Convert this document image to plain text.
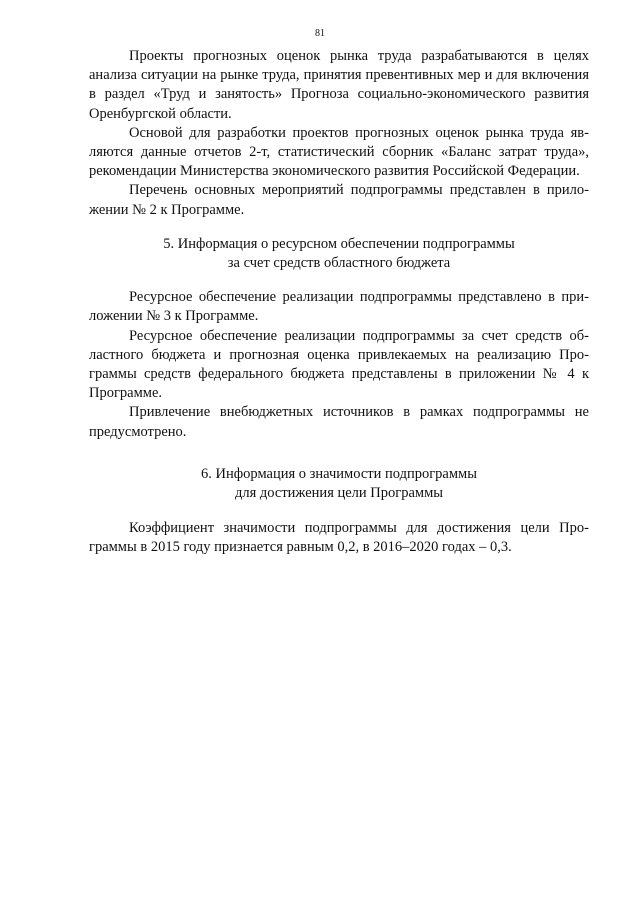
81

Проекты прогнозных оценок рынка труда разрабатываются в целях анализа ситуации на рынке труда, принятия превентивных мер и для включения в раздел «Труд и занятость» Прогноза социально-экономического развития Оренбургской области.

Основой для разработки проектов прогнозных оценок рынка труда являются данные отчетов 2-т, статистический сборник «Баланс затрат труда», рекомендации Министерства экономического развития Российской Федерации.

Перечень основных мероприятий подпрограммы представлен в приложении № 2 к Программе.

5. Информация о ресурсном обеспечении подпрограммы
за счет средств областного бюджета

Ресурсное обеспечение реализации подпрограммы представлено в приложении № 3 к Программе.

Ресурсное обеспечение реализации подпрограммы за счет средств областного бюджета и прогнозная оценка привлекаемых на реализацию Программы средств федерального бюджета представлены в приложении № 4 к Программе.

Привлечение внебюджетных источников в рамках подпрограммы не предусмотрено.

6. Информация о значимости подпрограммы
для достижения цели Программы

Коэффициент значимости подпрограммы для достижения цели Программы в 2015 году признается равным 0,2, в 2016–2020 годах – 0,3.
